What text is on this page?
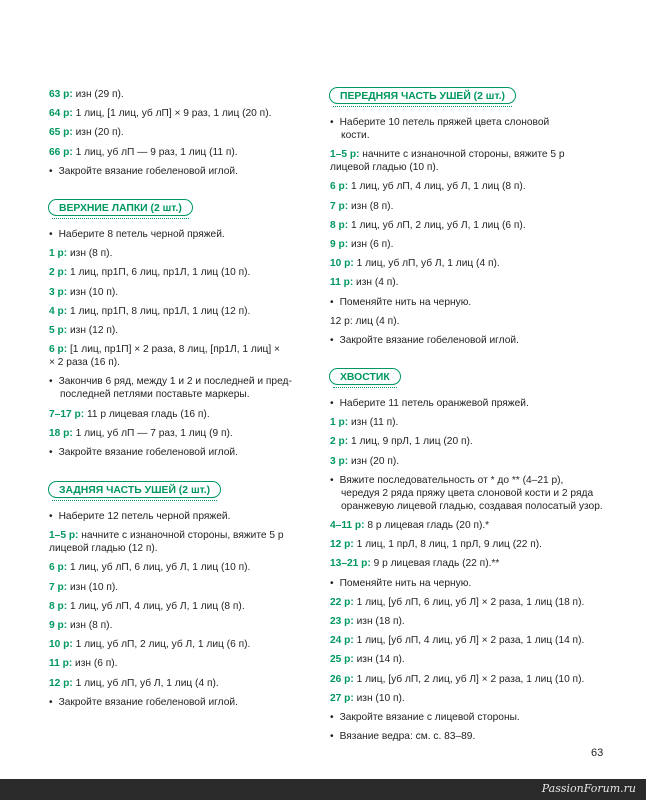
63 р: изн (29 п).
64 р: 1 лиц, [1 лиц, уб лП] × 9 раз, 1 лиц (20 п).
65 р: изн (20 п).
66 р: 1 лиц, уб лП — 9 раз, 1 лиц (11 п).
• Закройте вязание гобеленовой иглой.
ВЕРХНИЕ ЛАПКИ (2 шт.)
• Наберите 8 петель черной пряжей.
1 р: изн (8 п).
2 р: 1 лиц, пр1П, 6 лиц, пр1Л, 1 лиц (10 п).
3 р: изн (10 п).
4 р: 1 лиц, пр1П, 8 лиц, пр1Л, 1 лиц (12 п).
5 р: изн (12 п).
6 р: [1 лиц, пр1П] × 2 раза, 8 лиц, [пр1Л, 1 лиц] ×
× 2 раза (16 п).
• Закончив 6 ряд, между 1 и 2 и последней и пред-
последней петлями поставьте маркеры.
7–17 р: 11 р лицевая гладь (16 п).
18 р: 1 лиц, уб лП — 7 раз, 1 лиц (9 п).
• Закройте вязание гобеленовой иглой.
ЗАДНЯЯ ЧАСТЬ УШЕЙ (2 шт.)
• Наберите 12 петель черной пряжей.
1–5 р: начните с изнаночной стороны, вяжите 5 р
лицевой гладью (12 п).
6 р: 1 лиц, уб лП, 6 лиц, уб Л, 1 лиц (10 п).
7 р: изн (10 п).
8 р: 1 лиц, уб лП, 4 лиц, уб Л, 1 лиц (8 п).
9 р: изн (8 п).
10 р: 1 лиц, уб лП, 2 лиц, уб Л, 1 лиц (6 п).
11 р: изн (6 п).
12 р: 1 лиц, уб лП, уб Л, 1 лиц (4 п).
• Закройте вязание гобеленовой иглой.
ПЕРЕДНЯЯ ЧАСТЬ УШЕЙ (2 шт.)
• Наберите 10 петель пряжей цвета слоновой
кости.
1–5 р: начните с изнаночной стороны, вяжите 5 р
лицевой гладью (10 п).
6 р: 1 лиц, уб лП, 4 лиц, уб Л, 1 лиц (8 п).
7 р: изн (8 п).
8 р: 1 лиц, уб лП, 2 лиц, уб Л, 1 лиц (6 п).
9 р: изн (6 п).
10 р: 1 лиц, уб лП, уб Л, 1 лиц (4 п).
11 р: изн (4 п).
• Поменяйте нить на черную.
12 р: лиц (4 п).
• Закройте вязание гобеленовой иглой.
ХВОСТИК
• Наберите 11 петель оранжевой пряжей.
1 р: изн (11 п).
2 р: 1 лиц, 9 прЛ, 1 лиц (20 п).
3 р: изн (20 п).
• Вяжите последовательность от * до ** (4–21 р),
чередуя 2 ряда пряжу цвета слоновой кости и 2 ряда
оранжевую лицевой гладью, создавая полосатый узор.
4–11 р: 8 р лицевая гладь (20 п).*
12 р: 1 лиц, 1 прЛ, 8 лиц, 1 прЛ, 9 лиц (22 п).
13–21 р: 9 р лицевая гладь (22 п).**
• Поменяйте нить на черную.
22 р: 1 лиц, [уб лП, 6 лиц, уб Л] × 2 раза, 1 лиц (18 п).
23 р: изн (18 п).
24 р: 1 лиц, [уб лП, 4 лиц, уб Л] × 2 раза, 1 лиц (14 п).
25 р: изн (14 п).
26 р: 1 лиц, [уб лП, 2 лиц, уб Л] × 2 раза, 1 лиц (10 п).
27 р: изн (10 п).
• Закройте вязание с лицевой стороны.
• Вязание ведра: см. с. 83–89.
63
PassionForum.ru
